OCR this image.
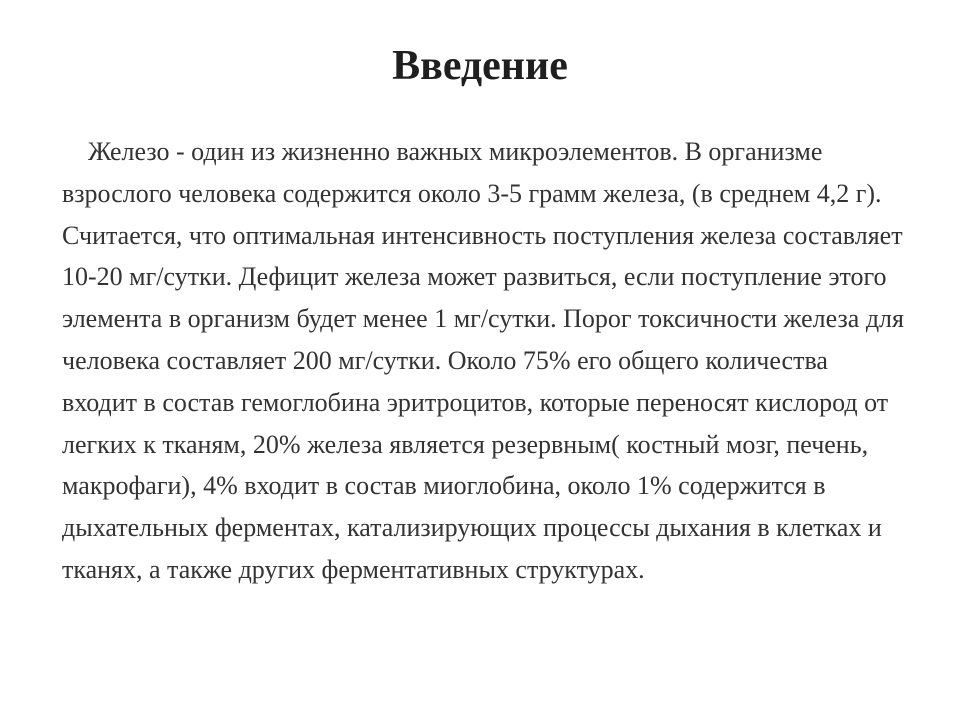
Введение

Железо - один из жизненно важных микроэлементов. В организме взрослого человека содержится около 3-5 грамм железа, (в среднем 4,2 г). Считается, что оптимальная интенсивность поступления железа составляет 10-20 мг/сутки. Дефицит железа может развиться, если поступление этого элемента в организм будет менее 1 мг/сутки. Порог токсичности железа для человека составляет 200 мг/сутки. Около 75% его общего количества входит в состав гемоглобина эритроцитов, которые переносят кислород от легких к тканям, 20% железа является резервным( костный мозг, печень, макрофаги), 4% входит в состав миоглобина, около 1% содержится в дыхательных ферментах, катализирующих процессы дыхания в клетках и тканях, а также других ферментативных структурах.
